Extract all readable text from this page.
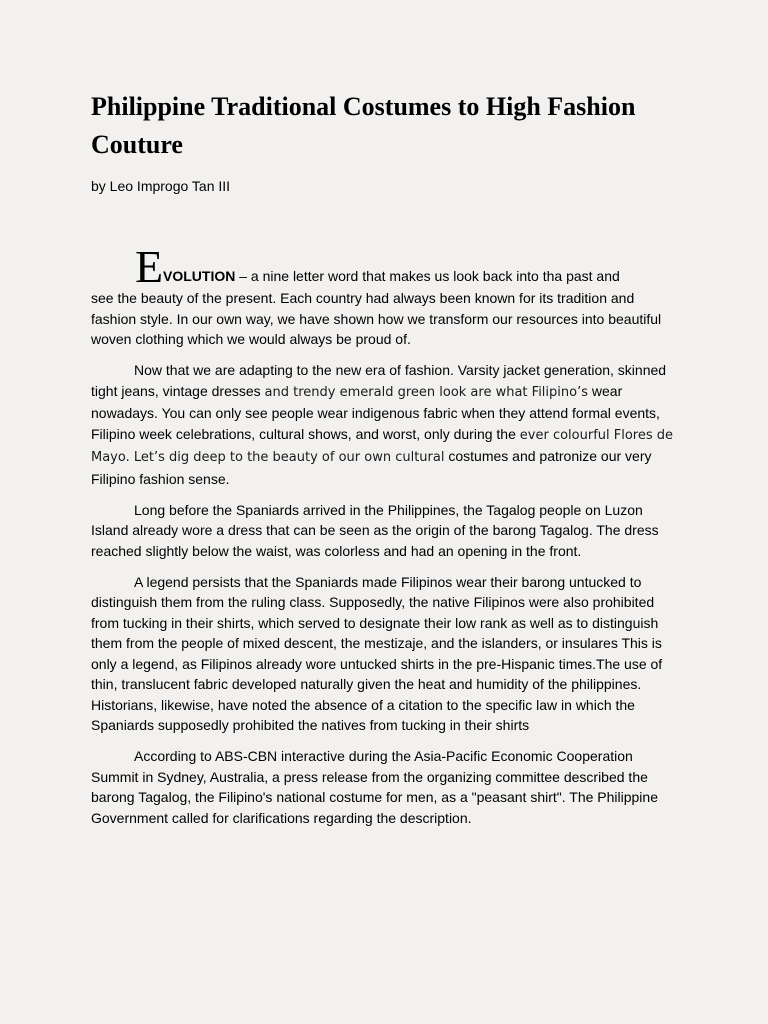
Philippine Traditional Costumes to High Fashion Couture

by Leo Improgo Tan III

E VOLUTION – a nine letter word that makes us look back into tha past and

see the beauty of the present. Each country had always been known for its tradition and fashion style. In our own way, we have shown how we transform our resources into beautiful woven clothing which we would always be proud of.

Now that we are adapting to the new era of fashion. Varsity jacket generation, skinned tight jeans, vintage dresses and trendy emerald green look are what Filipino’s wear nowadays. You can only see people wear indigenous fabric when they attend formal events, Filipino week celebrations, cultural shows, and worst, only during the ever colourful Flores de Mayo. Let’s dig deep to the beauty of our own cultural costumes and patronize our very Filipino fashion sense.

Long before the Spaniards arrived in the Philippines, the Tagalog people on Luzon Island already wore a dress that can be seen as the origin of the barong Tagalog. The dress reached slightly below the waist, was colorless and had an opening in the front.

A legend persists that the Spaniards made Filipinos wear their barong untucked to distinguish them from the ruling class. Supposedly, the native Filipinos were also prohibited from tucking in their shirts, which served to designate their low rank as well as to distinguish them from the people of mixed descent, the mestizaje, and the islanders, or insulares This is only a legend, as Filipinos already wore untucked shirts in the pre-Hispanic times.The use of thin, translucent fabric developed naturally given the heat and humidity of the philippines. Historians, likewise, have noted the absence of a citation to the specific law in which the Spaniards supposedly prohibited the natives from tucking in their shirts

According to ABS-CBN interactive during the Asia-Pacific Economic Cooperation Summit in Sydney, Australia, a press release from the organizing committee described the barong Tagalog, the Filipino's national costume for men, as a "peasant shirt". The Philippine Government called for clarifications regarding the description.
